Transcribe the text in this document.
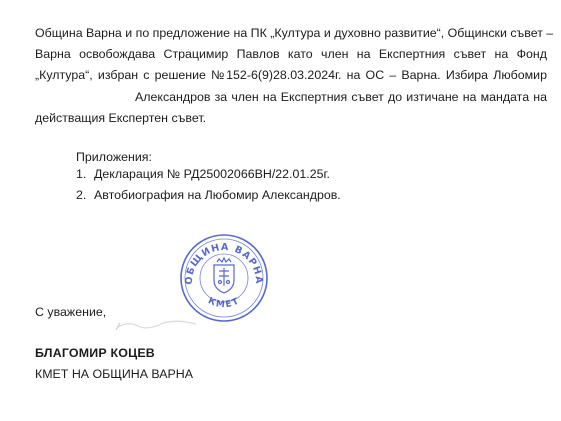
Община Варна и по предложение на ПК „Култура и духовно развитие“, Общински съвет –
Варна освобождава Страцимир Павлов като член на Експертния съвет на Фонд
„Култура“, избран с решение №152-6(9)28.03.2024г. на ОС – Варна. Избира Любомир
Александров за член на Експертния съвет до изтичане на мандата на
действащия Експертен съвет.
Приложения:
1. Декларация № РД25002066ВН/22.01.25г.
2. Автобиография на Любомир Александров.
ОБЩИНА ВАРНА
КМЕТ
С уважение,
БЛАГОМИР КОЦЕВ
КМЕТ НА ОБЩИНА ВАРНА
